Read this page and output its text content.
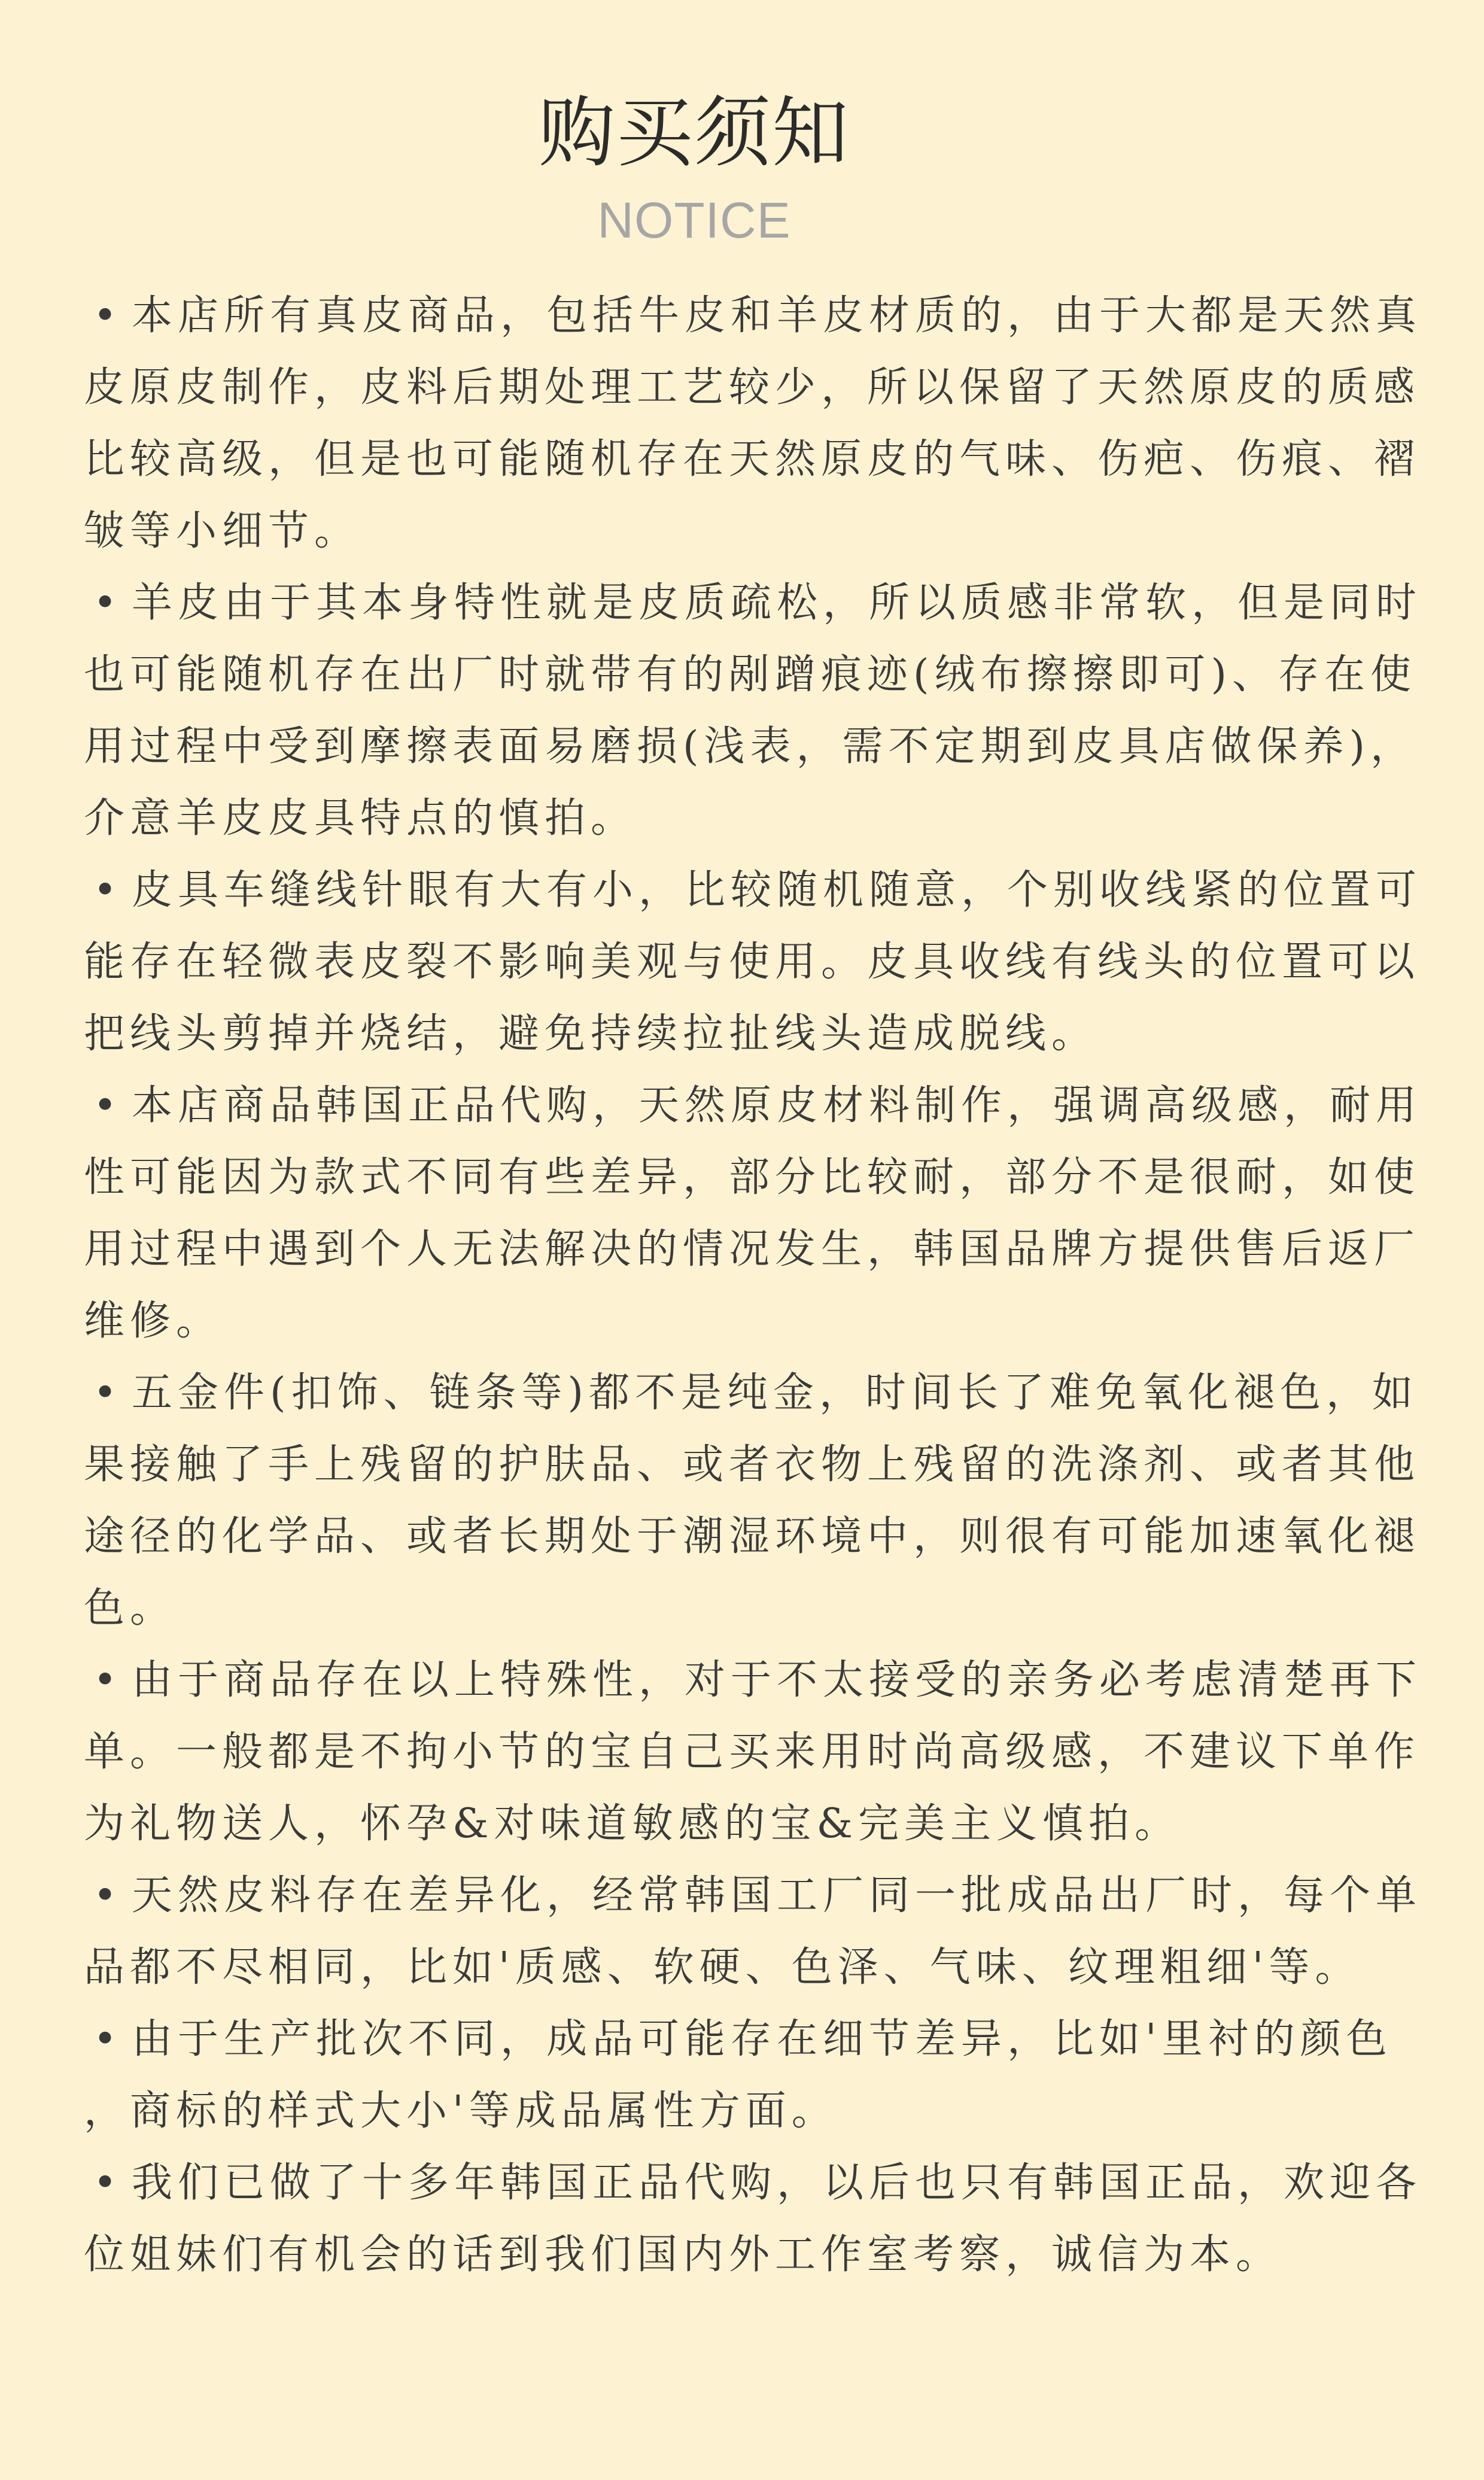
购买须知
NOTICE

• 本店所有真皮商品，包括牛皮和羊皮材质的，由于大都是天然真皮原皮制作，皮料后期处理工艺较少，所以保留了天然原皮的质感比较高级，但是也可能随机存在天然原皮的气味、伤疤、伤痕、褶皱等小细节。

• 羊皮由于其本身特性就是皮质疏松，所以质感非常软，但是同时也可能随机存在出厂时就带有的剐蹭痕迹(绒布擦擦即可)、存在使用过程中受到摩擦表面易磨损(浅表，需不定期到皮具店做保养)，介意羊皮皮具特点的慎拍。

• 皮具车缝线针眼有大有小，比较随机随意，个别收线紧的位置可能存在轻微表皮裂不影响美观与使用。皮具收线有线头的位置可以把线头剪掉并烧结，避免持续拉扯线头造成脱线。

• 本店商品韩国正品代购，天然原皮材料制作，强调高级感，耐用性可能因为款式不同有些差异，部分比较耐，部分不是很耐，如使用过程中遇到个人无法解决的情况发生，韩国品牌方提供售后返厂维修。

• 五金件(扣饰、链条等)都不是纯金，时间长了难免氧化褪色，如果接触了手上残留的护肤品、或者衣物上残留的洗涤剂、或者其他途径的化学品、或者长期处于潮湿环境中，则很有可能加速氧化褪色。

• 由于商品存在以上特殊性，对于不太接受的亲务必考虑清楚再下单。一般都是不拘小节的宝自己买来用时尚高级感，不建议下单作为礼物送人，怀孕&对味道敏感的宝&完美主义慎拍。

• 天然皮料存在差异化，经常韩国工厂同一批成品出厂时，每个单品都不尽相同，比如'质感、软硬、色泽、气味、纹理粗细'等。

• 由于生产批次不同，成品可能存在细节差异，比如'里衬的颜色，商标的样式大小'等成品属性方面。

• 我们已做了十多年韩国正品代购，以后也只有韩国正品，欢迎各位姐妹们有机会的话到我们国内外工作室考察，诚信为本。
